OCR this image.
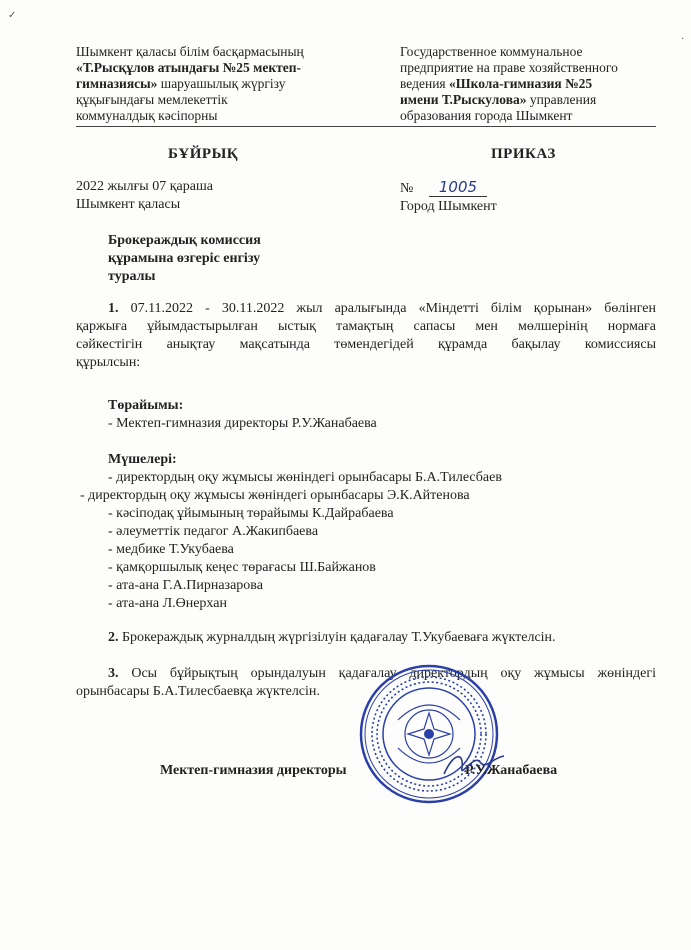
✓
·
Шымкент қаласы білім басқармасының
«Т.Рысқұлов атындағы №25 мектеп-
гимназиясы» шаруашылық жүргізу
құқығындағы мемлекеттік
коммуналдық кәсіпорны
Государственное коммунальное
предприятие на праве хозяйственного
ведения «Школа-гимназия №25
имени Т.Рыскулова» управления
образования города Шымкент
БҰЙРЫҚ	ПРИКАЗ
2022 жылғы 07 қараша
Шымкент қаласы
№ 1005
Город Шымкент
Брокераждық комиссия
құрамына өзгеріс енгізу
туралы
1. 07.11.2022 - 30.11.2022 жыл аралығында «Міндетті білім қорынан» бөлінген
қаржыға ұйымдастырылған ыстық тамақтың сапасы мен мөлшерінің нормаға
сәйкестігін анықтау мақсатында төмендегідей құрамда бақылау комиссиясы
құрылсын:
Төрайымы:
- Мектеп-гимназия директоры Р.У.Жанабаева
Мүшелері:
- директордың оқу жұмысы жөніндегі орынбасары Б.А.Тилесбаев
- директордың оқу жұмысы жөніндегі орынбасары Э.К.Айтенова
- кәсіподақ ұйымының төрайымы К.Дайрабаева
- әлеуметтік педагог А.Жакипбаева
- медбике Т.Укубаева
- қамқоршылық кеңес төрағасы Ш.Байжанов
- ата-ана Г.А.Пирназарова
- ата-ана Л.Өнерхан
2. Брокераждық журналдың жүргізілуін қадағалау Т.Укубаеваға жүктелсін.
3. Осы бұйрықтың орындалуын қадағалау директордың оқу жұмысы жөніндегі
орынбасары Б.А.Тилесбаевқа жүктелсін.
Мектеп-гимназия директоры	Р.У.Жанабаева
